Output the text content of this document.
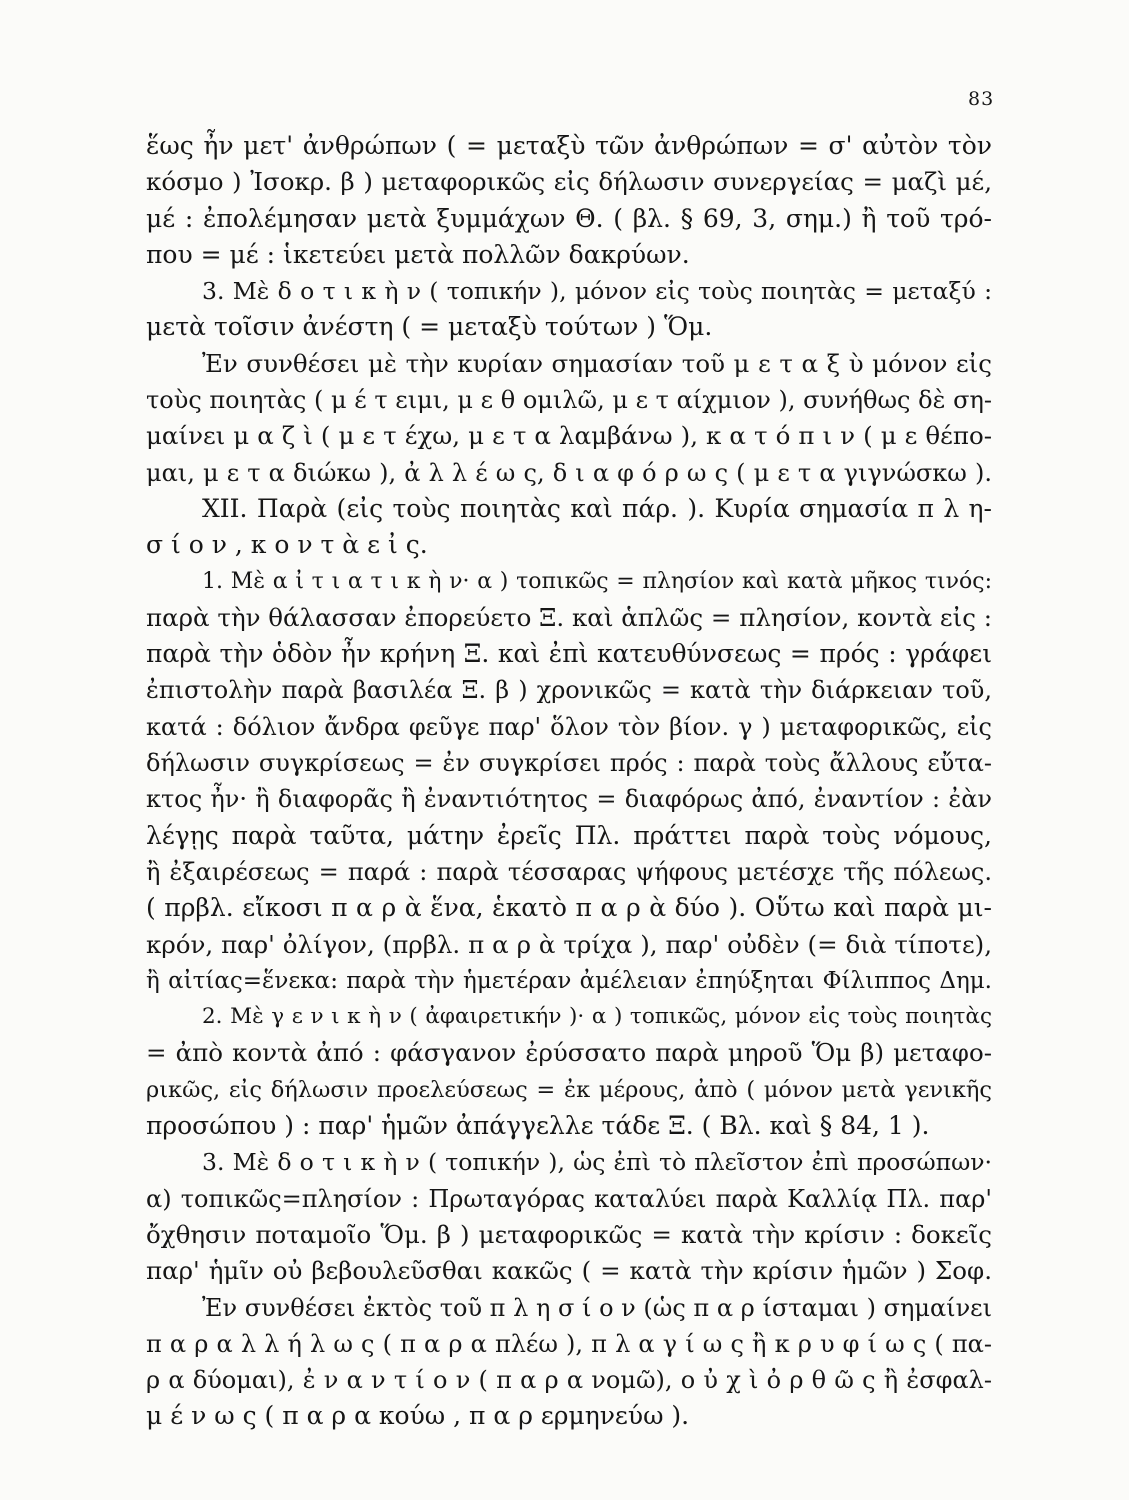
83
ἕως ἦν μετ' ἀνθρώπων ( = μεταξὺ τῶν ἀνθρώπων = σ' αὐτὸν τὸν
κόσμο ) Ἰσοκρ. β ) μεταφορικῶς εἰς δήλωσιν συνεργείας = μαζὶ μέ,
μέ : ἐπολέμησαν μετὰ ξυμμάχων Θ. ( βλ. § 69, 3, σημ.) ἢ τοῦ τρό-
που = μέ : ἱκετεύει μετὰ πολλῶν δακρύων.
3. Μὲ δ ο τ ι κ ὴ ν ( τοπικήν ), μόνον εἰς τοὺς ποιητὰς = μεταξύ :
μετὰ τοῖσιν ἀνέστη ( = μεταξὺ τούτων ) Ὅμ.
Ἐν συνθέσει μὲ τὴν κυρίαν σημασίαν τοῦ μ ε τ α ξ ὺ μόνον εἰς
τοὺς ποιητὰς ( μ έ τ ειμι, μ ε θ ομιλῶ, μ ε τ αίχμιον ), συνήθως δὲ ση-
μαίνει μ α ζ ὶ ( μ ε τ έχω, μ ε τ α λαμβάνω ), κ α τ ό π ι ν ( μ ε θέπο-
μαι, μ ε τ α διώκω ), ἀ λ λ έ ω ς, δ ι α φ ό ρ ω ς ( μ ε τ α γιγνώσκω ).
XII. Παρὰ (εἰς τοὺς ποιητὰς καὶ πάρ. ). Κυρία σημασία π λ η-
σ ί ο ν , κ ο ν τ ὰ ε ἰ ς.
1. Μὲ α ἰ τ ι α τ ι κ ὴ ν· α ) τοπικῶς = πλησίον καὶ κατὰ μῆκος τινός:
παρὰ τὴν θάλασσαν ἐπορεύετο Ξ. καὶ ἁπλῶς = πλησίον, κοντὰ εἰς :
παρὰ τὴν ὁδὸν ἦν κρήνη Ξ. καὶ ἐπὶ κατευθύνσεως = πρός : γράφει
ἐπιστολὴν παρὰ βασιλέα Ξ. β ) χρονικῶς = κατὰ τὴν διάρκειαν τοῦ,
κατά : δόλιον ἄνδρα φεῦγε παρ' ὅλον τὸν βίον. γ ) μεταφορικῶς, εἰς
δήλωσιν συγκρίσεως = ἐν συγκρίσει πρός : παρὰ τοὺς ἄλλους εὔτα-
κτος ἦν· ἢ διαφορᾶς ἢ ἐναντιότητος = διαφόρως ἀπό, ἐναντίον : ἐὰν
λέγῃς παρὰ ταῦτα, μάτην ἐρεῖς Πλ. πράττει παρὰ τοὺς νόμους,
ἢ ἐξαιρέσεως = παρά : παρὰ τέσσαρας ψήφους μετέσχε τῆς πόλεως.
( πρβλ. εἴκοσι π α ρ ὰ ἕνα, ἑκατὸ π α ρ ὰ δύο ). Οὕτω καὶ παρὰ μι-
κρόν, παρ' ὀλίγον, (πρβλ. π α ρ ὰ τρίχα ), παρ' οὐδὲν (= διὰ τίποτε),
ἢ αἰτίας=ἕνεκα: παρὰ τὴν ἡμετέραν ἀμέλειαν ἐπηύξηται Φίλιππος Δημ.
2. Μὲ γ ε ν ι κ ὴ ν ( ἀφαιρετικήν )· α ) τοπικῶς, μόνον εἰς τοὺς ποιητὰς
= ἀπὸ κοντὰ ἀπό : φάσγανον ἐρύσσατο παρὰ μηροῦ Ὅμ β) μεταφο-
ρικῶς, εἰς δήλωσιν προελεύσεως = ἐκ μέρους, ἀπὸ ( μόνον μετὰ γενικῆς
προσώπου ) : παρ' ἡμῶν ἀπάγγελλε τάδε Ξ. ( Βλ. καὶ § 84, 1 ).
3. Μὲ δ ο τ ι κ ὴ ν ( τοπικήν ), ὡς ἐπὶ τὸ πλεῖστον ἐπὶ προσώπων·
α) τοπικῶς=πλησίον : Πρωταγόρας καταλύει παρὰ Καλλίᾳ Πλ. παρ'
ὄχθησιν ποταμοῖο Ὅμ. β ) μεταφορικῶς = κατὰ τὴν κρίσιν : δοκεῖς
παρ' ἡμῖν οὐ βεβουλεῦσθαι κακῶς ( = κατὰ τὴν κρίσιν ἡμῶν ) Σοφ.
Ἐν συνθέσει ἐκτὸς τοῦ π λ η σ ί ο ν (ὡς π α ρ ίσταμαι ) σημαίνει
π α ρ α λ λ ή λ ω ς ( π α ρ α πλέω ), π λ α γ ί ω ς ἢ κ ρ υ φ ί ω ς ( πα-
ρ α δύομαι), ἐ ν α ν τ ί ο ν ( π α ρ α νομῶ), ο ὐ χ ὶ ὀ ρ θ ῶ ς ἢ ἐσφαλ-
μ έ ν ω ς ( π α ρ α κούω , π α ρ ερμηνεύω ).
